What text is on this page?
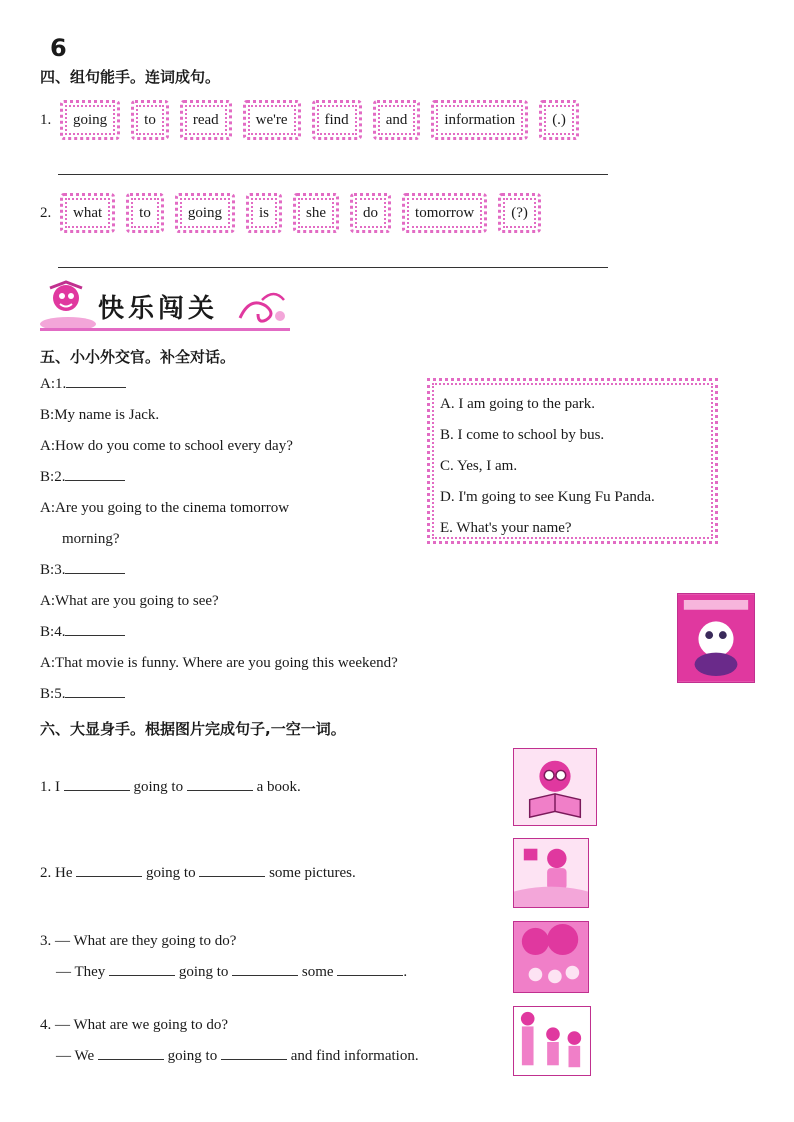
6
四、组句能手。连词成句。
1.	going	to	read	we're	find	and	information	(.)
2.	what	to	going	is	she	do	tomorrow	(?)
快乐闯关
五、小小外交官。补全对话。
A:1.
B:My name is Jack.
A:How do you come to school every day?
B:2.
A:Are you going to the cinema tomorrow
morning?
B:3.
A:What are you going to see?
B:4.
A:That movie is funny. Where are you going this weekend?
B:5.
A. I am going to the park.
B. I come to school by bus.
C. Yes, I am.
D. I'm going to see Kung Fu Panda.
E. What's your name?
六、大显身手。根据图片完成句子,一空一词。
1. I	going to	a book.
2. He	going to	some pictures.
3. — What are they going to do?
— They	going to	some	.
4. — What are we going to do?
— We	going to	and find information.
